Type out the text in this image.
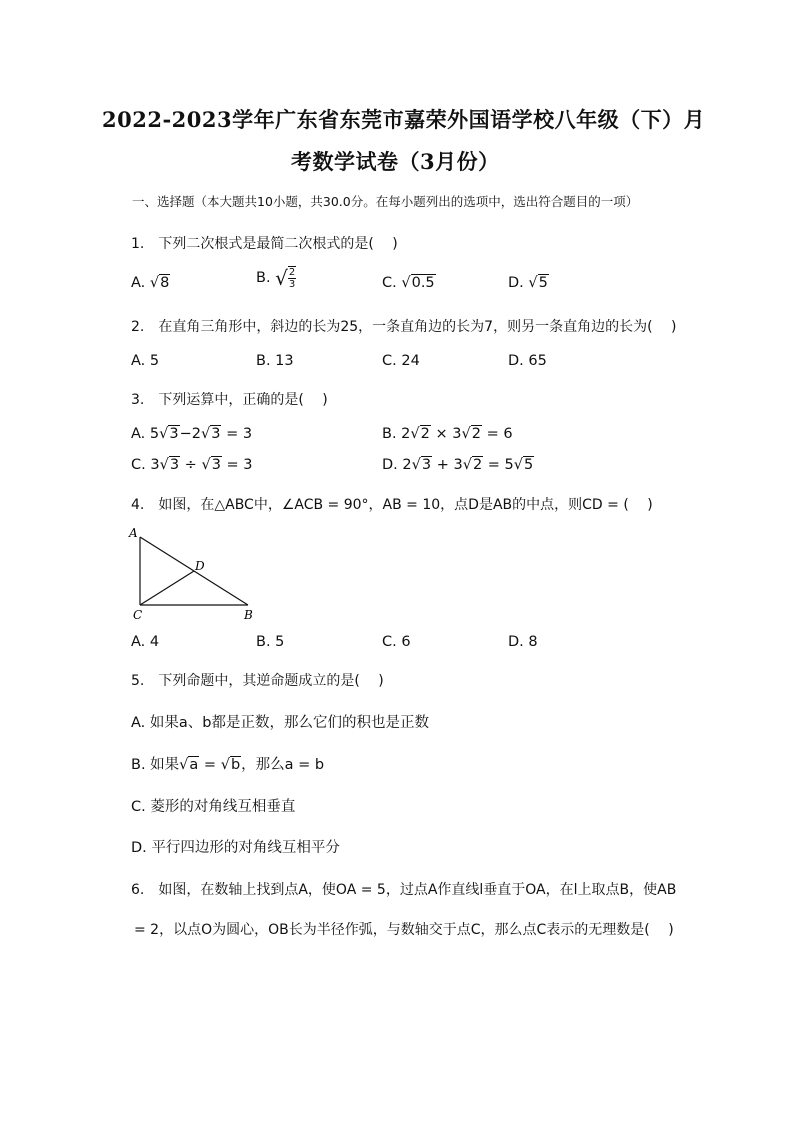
2022-2023学年广东省东莞市嘉荣外国语学校八年级（下）月
考数学试卷（3月份）
一、选择题（本大题共10小题，共30.0分。在每小题列出的选项中，选出符合题目的一项）
1.　下列二次根式是最简二次根式的是(　 )
A. √8	B. √ $\frac{2}{3}$	C. √0.5	D. √5
2.　在直角三角形中，斜边的长为25，一条直角边的长为7，则另一条直角边的长为(　 )
A. 5	B. 13	C. 24	D. 65
3.　下列运算中，正确的是(　 )
A. 5√3−2√3 = 3	B. 2√2 × 3√2 = 6
C. 3√3 ÷ √3 = 3	D. 2√3 + 3√2 = 5√5
4.　如图，在△ABC中，∠ACB = 90°，AB = 10，点D是AB的中点，则CD = (　 )
A
D
C	B
A. 4	B. 5	C. 6	D. 8
5.　下列命题中，其逆命题成立的是(　 )
A. 如果a、b都是正数，那么它们的积也是正数
B. 如果√a = √b，那么a = b
C. 菱形的对角线互相垂直
D. 平行四边形的对角线互相平分
6.　如图，在数轴上找到点A，使OA = 5，过点A作直线l垂直于OA，在l上取点B，使AB
= 2，以点O为圆心，OB长为半径作弧，与数轴交于点C，那么点C表示的无理数是(　 )
